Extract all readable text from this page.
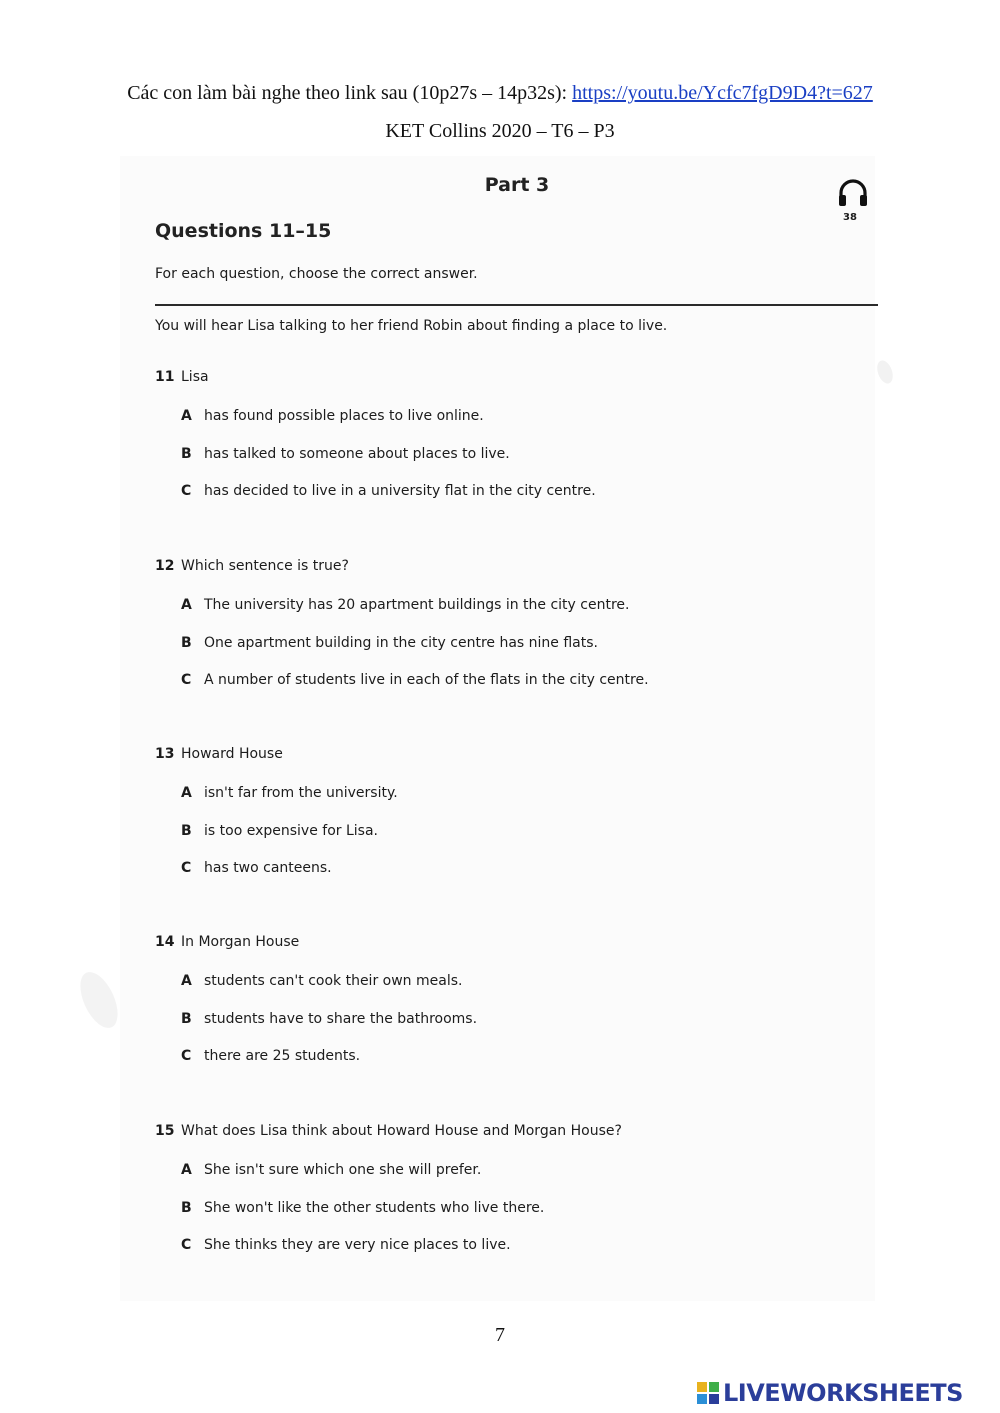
Các con làm bài nghe theo link sau (10p27s – 14p32s): https://youtu.be/Ycfc7fgD9D4?t=627
KET Collins 2020 – T6 – P3
Part 3
38
Questions 11–15
For each question, choose the correct answer.
You will hear Lisa talking to her friend Robin about finding a place to live.
11 Lisa
A has found possible places to live online.
B has talked to someone about places to live.
C has decided to live in a university flat in the city centre.
12 Which sentence is true?
A The university has 20 apartment buildings in the city centre.
B One apartment building in the city centre has nine flats.
C A number of students live in each of the flats in the city centre.
13 Howard House
A isn't far from the university.
B is too expensive for Lisa.
C has two canteens.
14 In Morgan House
A students can't cook their own meals.
B students have to share the bathrooms.
C there are 25 students.
15 What does Lisa think about Howard House and Morgan House?
A She isn't sure which one she will prefer.
B She won't like the other students who live there.
C She thinks they are very nice places to live.
7
LIVEWORKSHEETS
